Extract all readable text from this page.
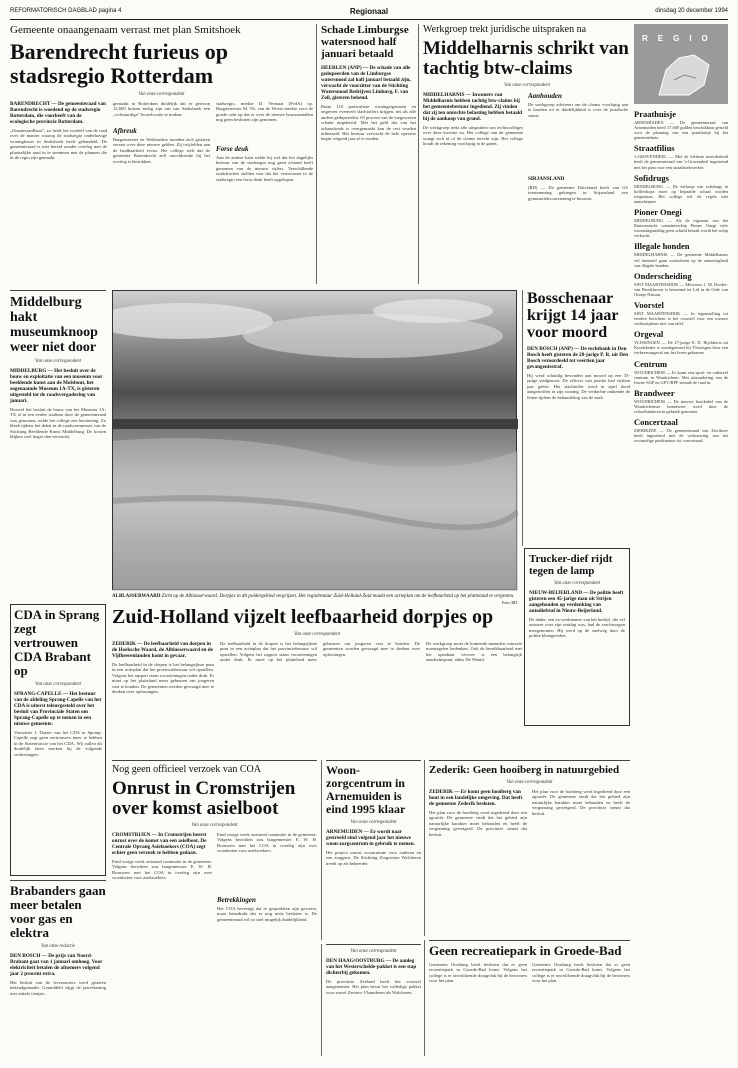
REFORMATORISCH DAGBLAD pagina 4	Regionaal	dinsdag 20 december 1994
Gemeente onaangenaam verrast met plan Smitshoek
Barendrecht furieus op stadsregio Rotterdam
Van onze correspondent
BARENDRECHT — De gemeenteraad van Barendrecht is woedend op de stadsregio Rotterdam, die voorheeft van de ecologische provincie Rotterdam.
„Onaanvaardbaar”, zo heidt het oordeel van de raad over de manier waarop de stadsregio onderhavige woningbouw in Smitshoek heeft gehandeld. De gemeenteraad is niet bereid zonder overleg met de plaatselijke raad in te stemmen met de plannen die in de regio zijn gemaakt.
gemaakt in Rotterdam duidelijk dat er gewoon 12.600 huizen nodig zijn om van Smitshoek een „volwaardige” bouwlocatie te maken.
Afbreuk
Burgemeester en Wethouders toonden zich gisteren verrast over deze nieuwe gelden. Zij twijfelden aan de haalbaarheid ervan. Het college stelt dat de gemeente Barendrecht zelf onvoldoende bij het overleg is betrokken.
stadsregio, merkte D. Vermaat (PvdA) op. Burgemeester M. Th. van de Woest merkte voor de goede orde op dat er over de nieuwe bouwaantallen nog geen besluiten zijn genomen.
Forse deuk
Aan de andere kant stelde hij wel dat het dagelijks bestuur van de stadsregio nog geen afstand heeft genomen van de nieuwe cijfers. Verschillende raadsfracties stelden vast dat het vertrouwen in de stadsregio een forse deuk heeft opgelopen.
Schade Limburgse watersnood half januari betaald
HEERLEN (ANP) — De schade van alle gedupeerden van de Limburgse watersnood zal half januari betaald zijn, verwacht de voorzitter van de Stichting Watersnood Bedrijven Limburg, F. van Zeil, gisteren bekend.
Ruim 110 particuliere woningeigenaren en ongeveer evenveel slachtoffers krijgen, net als alle andere gedupeerden, 65 procent van de toegewezen schade uitgekeerd. Met het geld dat van het orkaanfonds is overgemaakt kan de rest worden uitbetaald. Het bestuur verwacht de hele operatie begin volgend jaar af te ronden.
Werkgroep trekt juridische uitspraken na
Middelharnis schrikt van tachtig btw-claims
Van onze correspondent
MIDDELHARNIS — Inwoners van Middelharnis hebben tachtig btw-claims bij het gemeentebestuur ingediend. Zij vinden dat zij ten onrechte belasting hebben betaald bij de aankoop van grond.
De werkgroep trekt alle uitspraken van rechtscolleges over deze kwestie na. Het college van de gemeente vraagt zich af of de claims terecht zijn. Het college houdt de rekening voorlopig in de gaten.
Aanhouden
De werkgroep adviseert om de claims voorlopig aan te houden tot er duidelijkheid is over de juridische status.
SIRJANSLAND
(RD) — De gemeente Duiveland heeft van GS toestemming gekregen in Sirjansland een gymnastiekvoorziening te bouwen.
REGIO
Praathuisje
ARNEMUIDEN — De gemeenteraad van Arnemuiden heeft 17.000 gulden beschikbaar gesteld voor de planning van een praathuisje bij het gemeentehuis.
Straatfilius
's-GRAVENDEEL — Met de kleinste meerderheid heeft de gemeenteraad van 's-Gravendeel ingestemd met het plan voor een straathoekwerker.
Sofidrugs
MIDDELBURG — De verkoop van softdrugs in koffieshops moet op bepaalde schaal worden toegestaan. Het college wil de regels niet aanscherpen.
Pioner Onegi
MIDDELBURG — Als de eigenaar van het Rumoerzucht containerschip Pioner Onegi vóór woensdagmiddag geen schuld betaalt wordt het schip verkocht.
Illegale honden
MIDDELHARNIS — De gemeente Middelharnis wil intensief gaan controleren op de aanwezigheid van illegale honden.
Onderscheiding
SINT MAARTENSDIJK — Mevrouw J. M. Dorder-van Broekhoven is benoemd tot Lid in de Orde van Oranje-Nassau.
Voorstel
SINT MAARTENSDIJK — In tegenstelling tot eerdere berichten is het voorstel voor een nieuwe vuilstortplaats niet van tafel.
Orgeval
VLISSINGEN — De 27-jarige E. D. Rijckborst uit Koudekerke is zondagavond bij Vlissingen door een verkeersongeval om het leven gekomen.
Centrum
WOUDRICHEM — Er komt een sport- en cultureel centrum in Woudrichem. Met uitzondering van de fractie SGP en GPV/RPF stemde de raad in.
Brandweer
WOUDRICHEM — De nieuwe bootkabel van de Woudrichemse brandweer werd door de schoolkinderen in gebruik genomen.
Concertzaal
ZIERIKZEE — De gemeenteraad van Zierikzee heeft ingestemd met de verbouwing van het voormalige postkantoor tot concertzaal.
Middelburg hakt museumknoop weer niet door
Van onze correspondent
MIDDELBURG — Het besluit over de bouw en exploitatie van een museum voor beeldende kunst aan de Molsbout, het zogenaamde Museum 1A-TX, is gisteren uitgesteld tot de raadsvergadering van januari.
Hoewel het besluit de bouw van het Museum 1A-TX al in een eerder stadium door de gemeenteraad was genomen, wilde het college een herziening. Zo bleek tijdens het debat in de raadscommissie van de Stichting Beeldende Kunst Middelburg. De kosten blijken veel hoger dan verwacht.
ALBLASSERWAARD Zicht op de Alblasserwaard. Dorpjes in dit poldergebied vergrijzen. Het regiobestuur Zuid-Holland-Zuid maakt een actieplan om de leefbaarheid op het platteland te vergroten.
Foto: RD
Bosschenaar krijgt 14 jaar voor moord
DEN BOSCH (ANP) — De rechtbank in Den Bosch heeft gisteren de 28-jarige P. R. uit Den Bosch veroordeeld tot veertien jaar gevangenisstraf.
Hij werd schuldig bevonden aan moord op een 35-jarige stadgenoot. De officier van justitie had vijftien jaar geëist. Het slachtoffer werd in april dood aangetroffen in zijn woning. De verdachte ontkende de feiten tijdens de behandeling van de zaak.
Trucker-dief rijdt tegen de lamp
Van onze correspondent
NIEUW-BEIJERLAND — De politie heeft gisteren een 45-jarige man uit Strijen aangehouden op verdenking van autodiefstal in Nieuw-Beijerland.
De dader, een ex-werknemer van het bedrijf, die vel onaozer over zijn ontslag was, had de vrachtwagen meegenomen. Hij werd op de snelweg door de politie klemgereden.
CDA in Sprang zegt vertrouwen CDA Brabant op
Van onze correspondent
SPRANG-CAPELLE — Het bestuur van de afdeling Sprang-Capelle van het CDA is uiterst teleurgesteld over het besluit van Provinciale Staten om Sprang-Capelle op te nemen in een nieuwe gemeente.
Voorzitter J. Duizer van het CDA in Sprang-Capelle zegt geen vertrouwen meer te hebben in de Statenfractie van het CDA. Wij zullen dit duidelijk laten merken bij de volgende verkiezingen.
Zuid-Holland vijzelt leefbaarheid dorpjes op
Van onze correspondent
ZEDERIK — De leefbaarheid van dorpen in de Hoeksche Waard, de Alblasserwaard en de Vijfheerenlanden komt in gevaar.
De leefbaarheid in de dorpen is het belangrijkste punt in een actieplan dat het provinciebestuur wil opstellen. Volgens het rapport staan voorzieningen onder druk. Er moet op het platteland meer gebeuren om jongeren vast te houden. De gemeenten worden gevraagd mee te denken over oplossingen.
De leefbaarheid in de dorpen is het belangrijkste punt in een actieplan dat het provinciebestuur wil opstellen. Volgens het rapport staan voorzieningen onder druk. Er moet op het platteland meer gebeuren om jongeren vast te houden. De gemeenten worden gevraagd mee te denken over oplossingen.
De werkgroep moet de komende maanden concrete maatregelen bedenken. Ook de bereikbaarheid met het openbaar vervoer is een belangrijk aandachtspunt, aldus De Waard.
Nog geen officieel verzoek van COA
Onrust in Cromstrijen over komst asielboot
Van onze correspondent
CROMSTRIJEN — In Cromstrijen heerst onrust over de komst van een asielboot. De Centrale Opvang Asielzoekers (COA) zegt echter geen verzoek te hebben gedaan.
Eind vorige week ontstond commotie in de gemeente. Volgens berichten zou burgemeester E. W. H. Brouwers met het COA in overleg zijn over woonboten voor asielzoekers.
Eind vorige week ontstond commotie in de gemeente. Volgens berichten zou burgemeester E. W. H. Brouwers met het COA in overleg zijn over woonboten voor asielzoekers.
Betrekkingen
Het COA bevestigt dat er gesprekken zijn geweest, maar benadrukt dat er nog niets besloten is. De gemeenteraad wil zo snel mogelijk duidelijkheid.
Woon-zorgcentrum in Arnemuiden is eind 1995 klaar
Van onze correspondent
ARNEMUIDEN — Er wordt naar gestreefd eind volgend jaar het nieuwe woon-zorgcentrum in gebruik te nemen.
Het project omvat woonruimte voor ouderen en een zorgpost. De Stichting Zorgcentra Walcheren treedt op als beheerder.
Van onze correspondent
DEN HAAG/OOSTBURG — De aanleg van het Westerschelde-pakket is een stap dichterbij gekomen.
De provincie Zeeland heeft het voorstel aangenomen. Het plan bevat het volledige pakket voor zowel Zeeuws-Vlaanderen als Walcheren.
Zederik: Geen hooiberg in natuurgebied
Van onze correspondent
ZEDERIK — Er komt geen hooiberg van hout in een landelijke omgeving. Dat heeft de gemeente Zederik besloten.
Het plan voor de hooiberg werd ingediend door een agrariër. De gemeente vindt dat het gebied zijn natuurlijke karakter moet behouden en heeft de vergunning geweigerd. De provincie steunt dat besluit.
Het plan voor de hooiberg werd ingediend door een agrariër. De gemeente vindt dat het gebied zijn natuurlijke karakter moet behouden en heeft de vergunning geweigerd. De provincie steunt dat besluit.
Geen recreatiepark in Groede-Bad
Gemeente Oostburg heeft besloten dat er geen recreatiepark in Groede-Bad komt. Volgens het college is er onvoldoende draagvlak bij de bewoners voor het plan.
Gemeente Oostburg heeft besloten dat er geen recreatiepark in Groede-Bad komt. Volgens het college is er onvoldoende draagvlak bij de bewoners voor het plan.
Brabanders gaan meer betalen voor gas en elektra
Van onze redactie
DEN BOSCH — De prijs van Noord-Brabant gaat van 1 januari omhoog. Voor elektriciteit betalen de afnemers volgend jaar 2 procent extra.
Het besluit van de leveranciers werd gisteren bekendgemaakt. Gemiddeld stijgt de jaarrekening met enkele tientjes.
